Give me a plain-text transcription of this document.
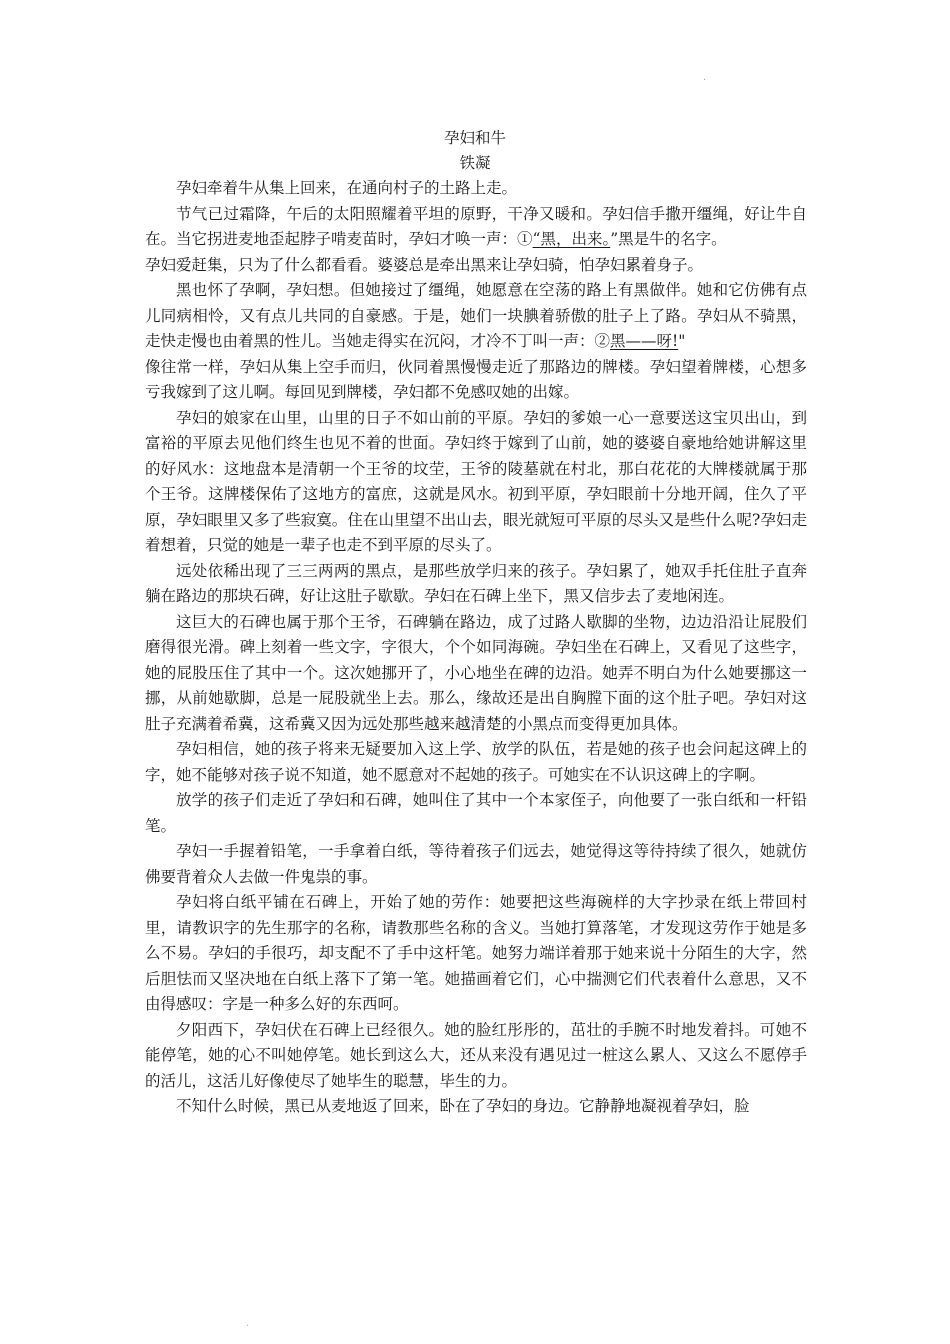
.
孕妇和牛
铁凝

孕妇牵着牛从集上回来，在通向村子的土路上走。

节气已过霜降，午后的太阳照耀着平坦的原野，干净又暖和。孕妇信手撒开缰绳，好让牛自在。当它拐进麦地歪起脖子啃麦苗时，孕妇才唤一声：①“黑，出来。”黑是牛的名字。

孕妇爱赶集，只为了什么都看看。婆婆总是牵出黑来让孕妇骑，怕孕妇累着身子。

黑也怀了孕啊，孕妇想。但她接过了缰绳，她愿意在空荡的路上有黑做伴。她和它仿佛有点儿同病相怜，又有点儿共同的自豪感。于是，她们一块腆着骄傲的肚子上了路。孕妇从不骑黑，走快走慢也由着黑的性儿。当她走得实在沉闷，才冷不丁叫一声：②黑——呀!"

像往常一样，孕妇从集上空手而归，伙同着黑慢慢走近了那路边的牌楼。孕妇望着牌楼，心想多亏我嫁到了这儿啊。每回见到牌楼，孕妇都不免感叹她的出嫁。

孕妇的娘家在山里，山里的日子不如山前的平原。孕妇的爹娘一心一意要送这宝贝出山，到富裕的平原去见他们终生也见不着的世面。孕妇终于嫁到了山前，她的婆婆自豪地给她讲解这里的好风水：这地盘本是清朝一个王爷的坟茔，王爷的陵墓就在村北，那白花花的大牌楼就属于那个王爷。这牌楼保佑了这地方的富庶，这就是风水。初到平原，孕妇眼前十分地开阔，住久了平原，孕妇眼里又多了些寂寞。住在山里望不出山去，眼光就短可平原的尽头又是些什么呢?孕妇走着想着，只觉的她是一辈子也走不到平原的尽头了。

远处依稀出现了三三两两的黑点，是那些放学归来的孩子。孕妇累了，她双手托住肚子直奔躺在路边的那块石碑，好让这肚子歇歇。孕妇在石碑上坐下，黑又信步去了麦地闲连。

这巨大的石碑也属于那个王爷，石碑躺在路边，成了过路人歇脚的坐物，边边沿沿让屁股们磨得很光滑。碑上刻着一些文字，字很大，个个如同海碗。孕妇坐在石碑上，又看见了这些字，她的屁股压住了其中一个。这次她挪开了，小心地坐在碑的边沿。她弄不明白为什么她要挪这一挪，从前她歇脚，总是一屁股就坐上去。那么，缘故还是出自胸膛下面的这个肚子吧。孕妇对这肚子充满着希冀，这希冀又因为远处那些越来越清楚的小黑点而变得更加具体。

孕妇相信，她的孩子将来无疑要加入这上学、放学的队伍，若是她的孩子也会问起这碑上的字，她不能够对孩子说不知道，她不愿意对不起她的孩子。可她实在不认识这碑上的字啊。

放学的孩子们走近了孕妇和石碑，她叫住了其中一个本家侄子，向他要了一张白纸和一杆铅笔。

孕妇一手握着铅笔，一手拿着白纸，等待着孩子们远去，她觉得这等待持续了很久，她就仿佛要背着众人去做一件鬼祟的事。

孕妇将白纸平铺在石碑上，开始了她的劳作：她要把这些海碗样的大字抄录在纸上带回村里，请教识字的先生那字的名称，请教那些名称的含义。当她打算落笔，才发现这劳作于她是多么不易。孕妇的手很巧，却支配不了手中这杆笔。她努力端详着那于她来说十分陌生的大字，然后胆怯而又坚决地在白纸上落下了第一笔。她描画着它们，心中揣测它们代表着什么意思，又不由得感叹：字是一种多么好的东西呵。

夕阳西下，孕妇伏在石碑上已经很久。她的脸红彤彤的，茁壮的手腕不时地发着抖。可她不能停笔，她的心不叫她停笔。她长到这么大，还从来没有遇见过一桩这么累人、又这么不愿停手的活儿，这活儿好像使尽了她毕生的聪慧，毕生的力。

不知什么时候，黑已从麦地返了回来，卧在了孕妇的身边。它静静地凝视着孕妇，脸

.
